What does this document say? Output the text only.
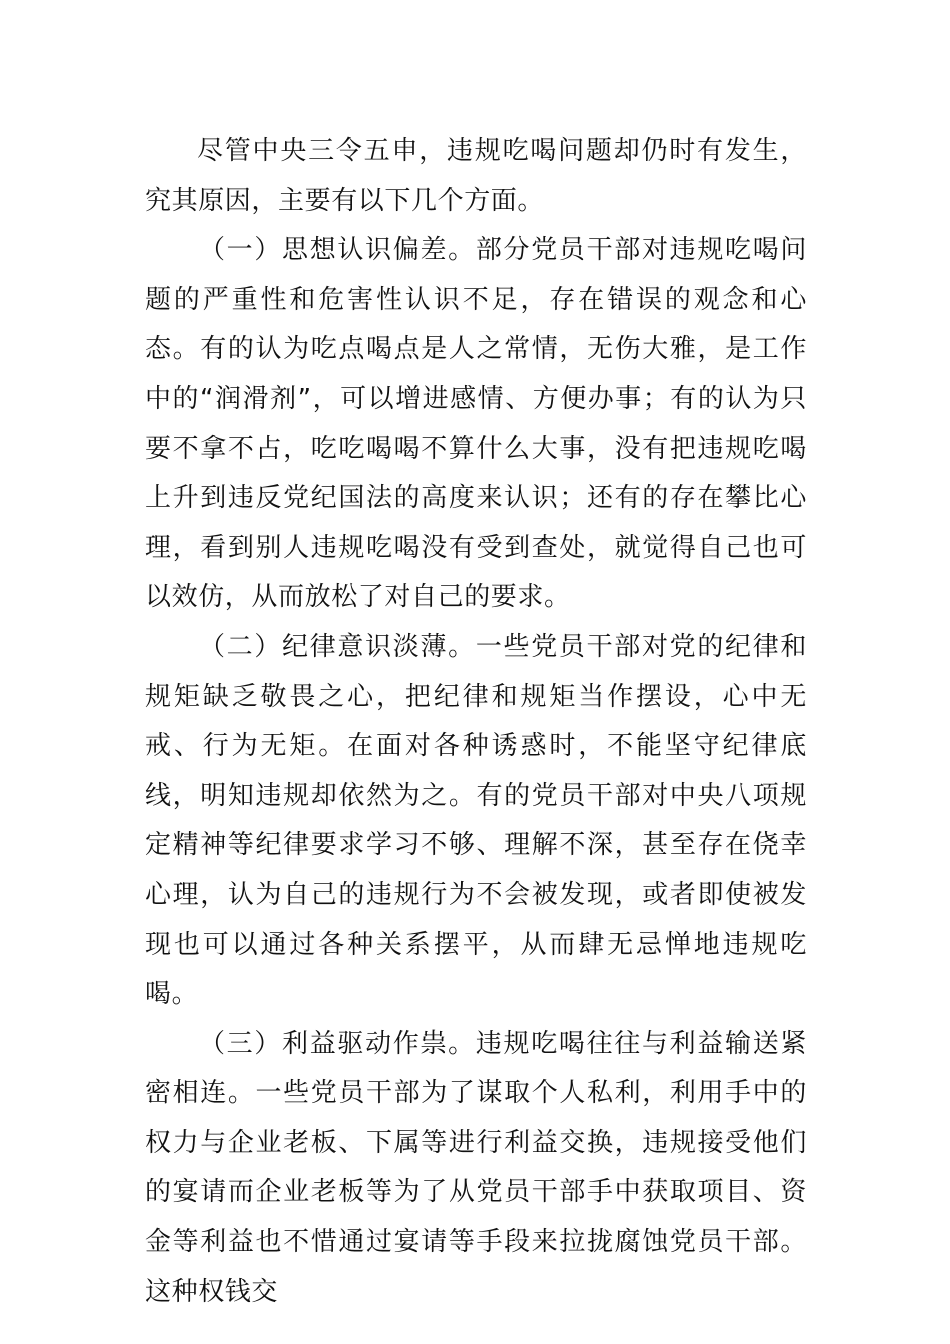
尽管中央三令五申，违规吃喝问题却仍时有发生，究其原因，主要有以下几个方面。

（一）思想认识偏差。部分党员干部对违规吃喝问题的严重性和危害性认识不足，存在错误的观念和心态。有的认为吃点喝点是人之常情，无伤大雅，是工作中的“润滑剂”，可以增进感情、方便办事；有的认为只要不拿不占，吃吃喝喝不算什么大事，没有把违规吃喝上升到违反党纪国法的高度来认识；还有的存在攀比心理，看到别人违规吃喝没有受到查处，就觉得自己也可以效仿，从而放松了对自己的要求。

（二）纪律意识淡薄。一些党员干部对党的纪律和规矩缺乏敬畏之心，把纪律和规矩当作摆设，心中无戒、行为无矩。在面对各种诱惑时，不能坚守纪律底线，明知违规却依然为之。有的党员干部对中央八项规定精神等纪律要求学习不够、理解不深，甚至存在侥幸心理，认为自己的违规行为不会被发现，或者即使被发现也可以通过各种关系摆平，从而肆无忌惮地违规吃喝。

（三）利益驱动作祟。违规吃喝往往与利益输送紧密相连。一些党员干部为了谋取个人私利，利用手中的权力与企业老板、下属等进行利益交换，违规接受他们的宴请而企业老板等为了从党员干部手中获取项目、资金等利益也不惜通过宴请等手段来拉拢腐蚀党员干部。这种权钱交
